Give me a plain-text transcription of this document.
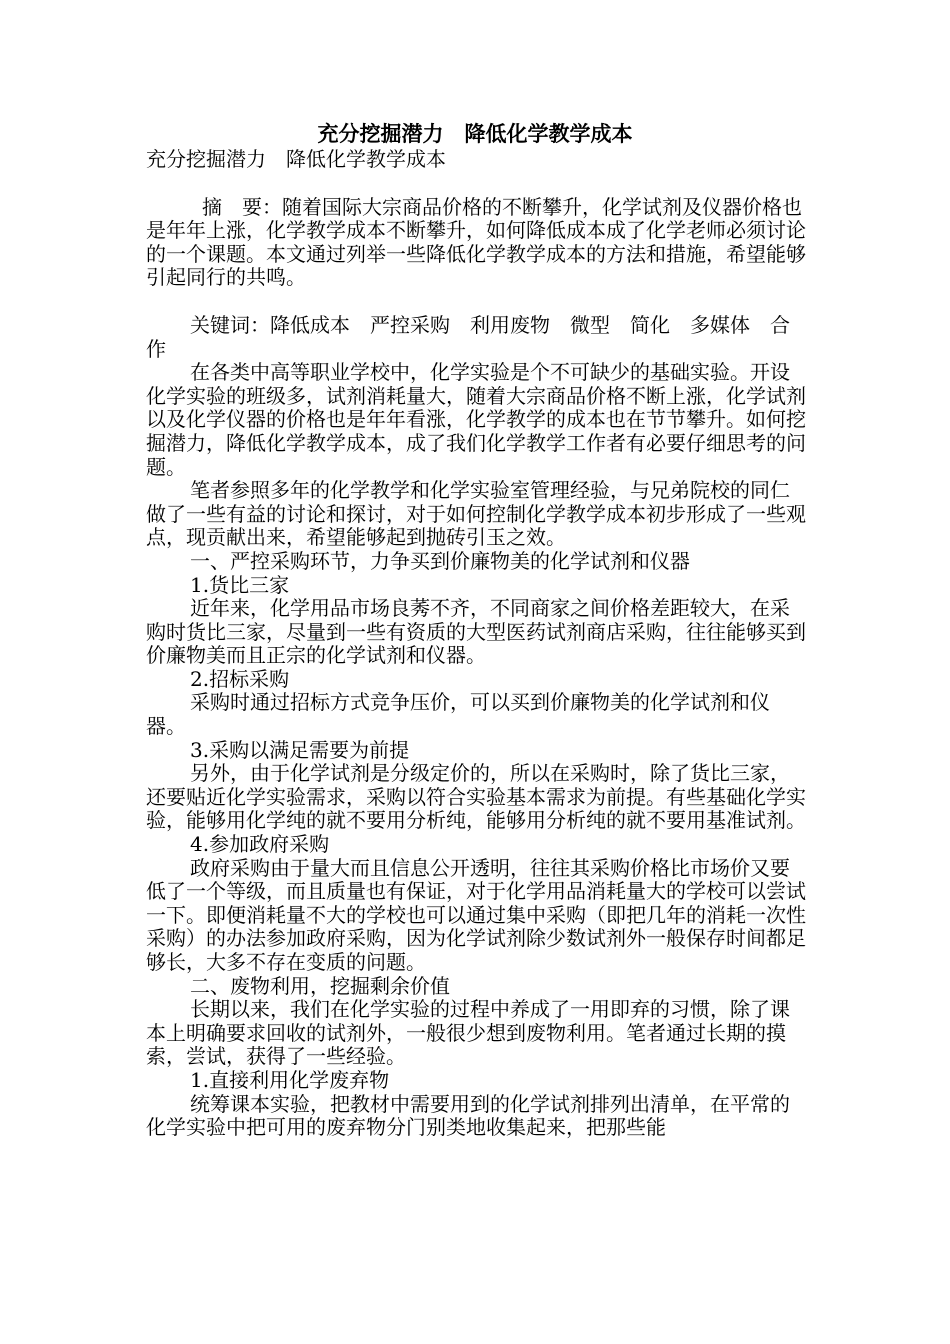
充分挖掘潜力　降低化学教学成本

充分挖掘潜力　降低化学教学成本

摘　要：随着国际大宗商品价格的不断攀升，化学试剂及仪器价格也是年年上涨，化学教学成本不断攀升，如何降低成本成了化学老师必须讨论的一个课题。本文通过列举一些降低化学教学成本的方法和措施，希望能够引起同行的共鸣。

关键词：降低成本　严控采购　利用废物　微型　简化　多媒体　合作

在各类中高等职业学校中，化学实验是个不可缺少的基础实验。开设化学实验的班级多，试剂消耗量大，随着大宗商品价格不断上涨，化学试剂以及化学仪器的价格也是年年看涨，化学教学的成本也在节节攀升。如何挖掘潜力，降低化学教学成本，成了我们化学教学工作者有必要仔细思考的问题。

笔者参照多年的化学教学和化学实验室管理经验，与兄弟院校的同仁做了一些有益的讨论和探讨，对于如何控制化学教学成本初步形成了一些观点，现贡献出来，希望能够起到抛砖引玉之效。

一、严控采购环节，力争买到价廉物美的化学试剂和仪器

1.货比三家

近年来，化学用品市场良莠不齐，不同商家之间价格差距较大，在采购时货比三家，尽量到一些有资质的大型医药试剂商店采购，往往能够买到价廉物美而且正宗的化学试剂和仪器。

2.招标采购

采购时通过招标方式竞争压价，可以买到价廉物美的化学试剂和仪器。

3.采购以满足需要为前提

另外，由于化学试剂是分级定价的，所以在采购时，除了货比三家，还要贴近化学实验需求，采购以符合实验基本需求为前提。有些基础化学实验，能够用化学纯的就不要用分析纯，能够用分析纯的就不要用基准试剂。

4.参加政府采购

政府采购由于量大而且信息公开透明，往往其采购价格比市场价又要低了一个等级，而且质量也有保证，对于化学用品消耗量大的学校可以尝试一下。即便消耗量不大的学校也可以通过集中采购（即把几年的消耗一次性采购）的办法参加政府采购，因为化学试剂除少数试剂外一般保存时间都足够长，大多不存在变质的问题。

二、废物利用，挖掘剩余价值

长期以来，我们在化学实验的过程中养成了一用即弃的习惯，除了课本上明确要求回收的试剂外，一般很少想到废物利用。笔者通过长期的摸索，尝试，获得了一些经验。

1.直接利用化学废弃物

统筹课本实验，把教材中需要用到的化学试剂排列出清单，在平常的化学实验中把可用的废弃物分门别类地收集起来，把那些能
